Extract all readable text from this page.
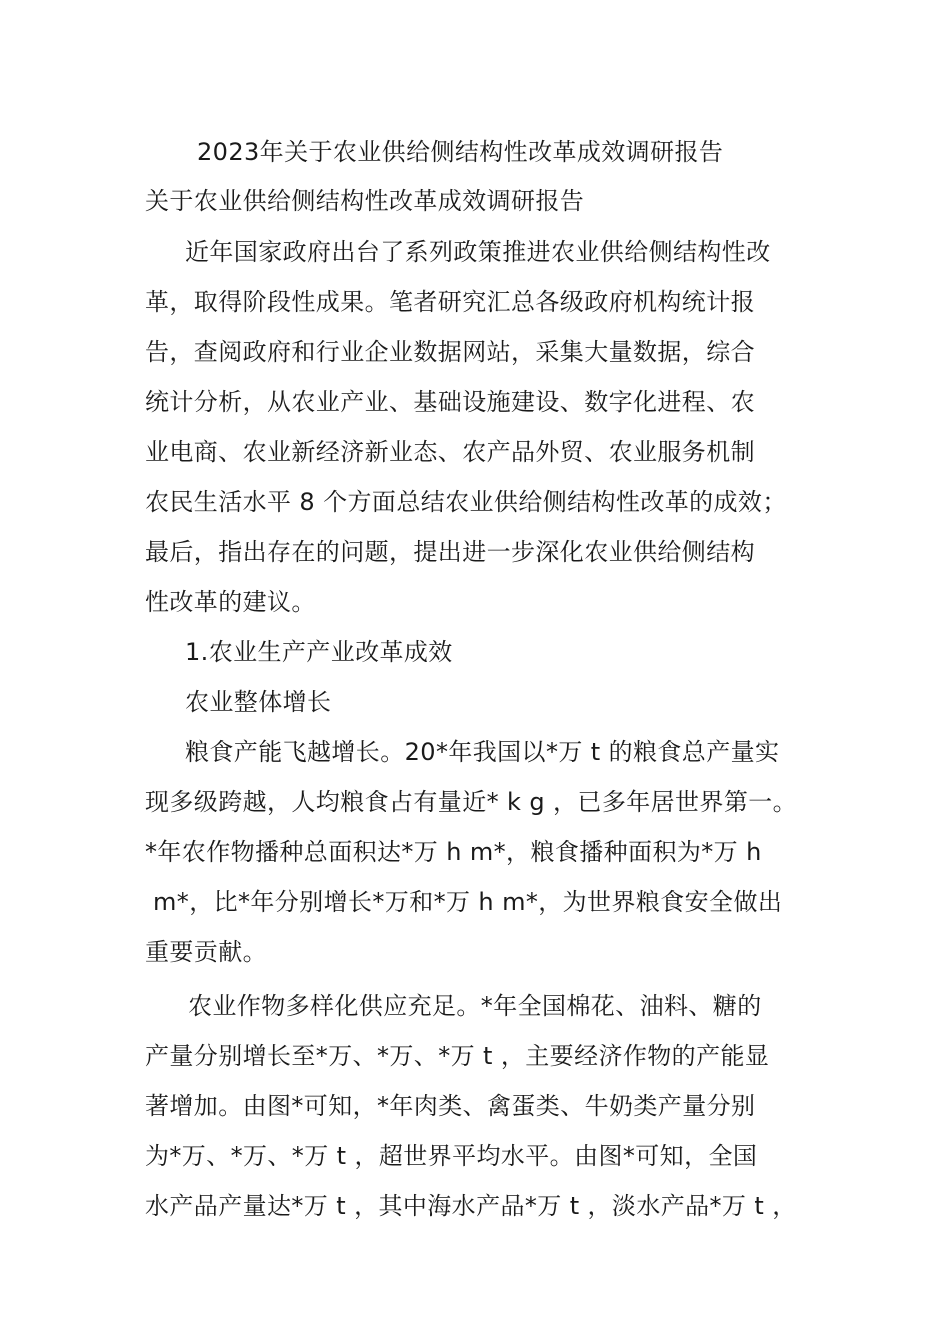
2023年关于农业供给侧结构性改革成效调研报告
关于农业供给侧结构性改革成效调研报告
近年国家政府出台了系列政策推进农业供给侧结构性改
革，取得阶段性成果。笔者研究汇总各级政府机构统计报
告，查阅政府和行业企业数据网站，采集大量数据，综合
统计分析，从农业产业、基础设施建设、数字化进程、农
业电商、农业新经济新业态、农产品外贸、农业服务机制
农民生活水平 8 个方面总结农业供给侧结构性改革的成效；
最后，指出存在的问题，提出进一步深化农业供给侧结构
性改革的建议。
1.农业生产产业改革成效
农业整体增长
粮食产能飞越增长。20*年我国以*万 t 的粮食总产量实
现多级跨越，人均粮食占有量近* k g ，已多年居世界第一。
*年农作物播种总面积达*万 h m*，粮食播种面积为*万 h
m*，比*年分别增长*万和*万 h m*，为世界粮食安全做出
重要贡献。
农业作物多样化供应充足。*年全国棉花、油料、糖的
产量分别增长至*万、*万、*万 t ，主要经济作物的产能显
著增加。由图*可知，*年肉类、禽蛋类、牛奶类产量分别
为*万、*万、*万 t ，超世界平均水平。由图*可知，全国
水产品产量达*万 t ，其中海水产品*万 t ，淡水产品*万 t ，
